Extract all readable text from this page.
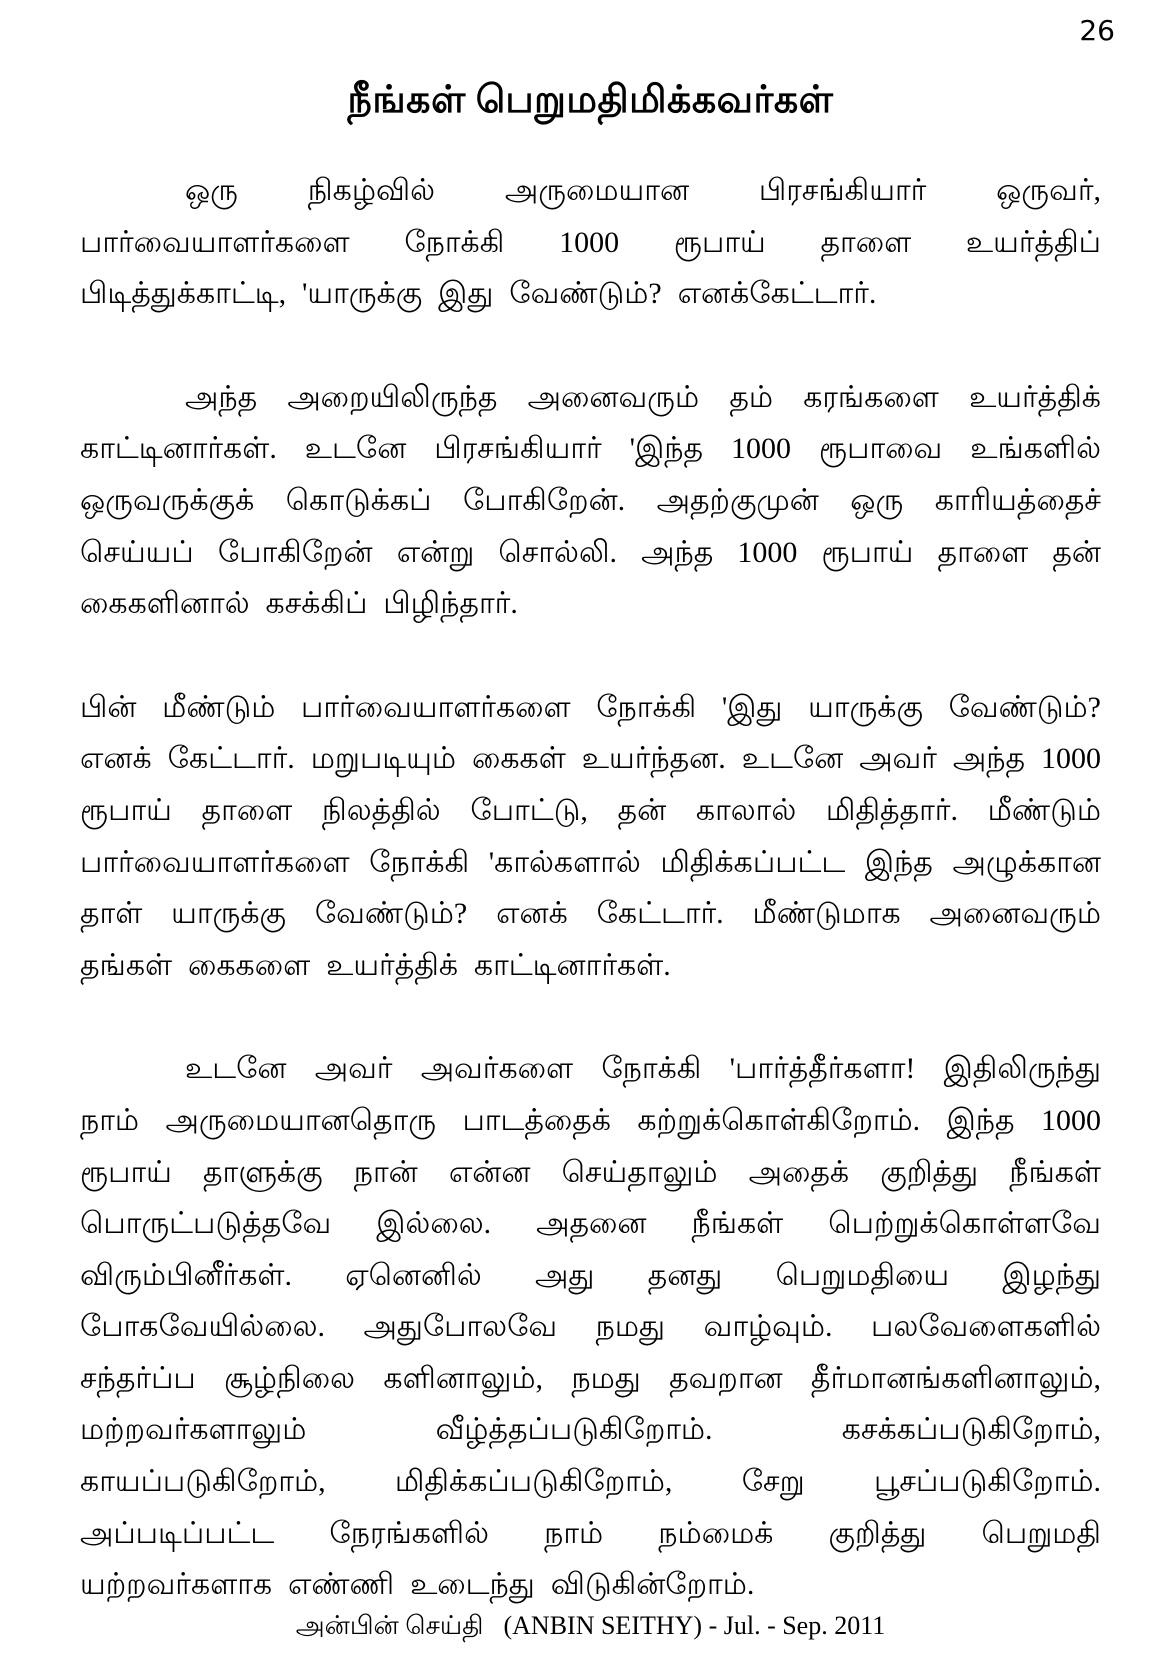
26
நீங்கள் பெறுமதிமிக்கவர்கள்

ஒரு நிகழ்வில் அருமையான பிரசங்கியார் ஒருவர், பார்வையாளர்களை நோக்கி 1000 ரூபாய் தாளை உயர்த்திப் பிடித்துக்காட்டி, 'யாருக்கு இது வேண்டும்? எனக்கேட்டார்.

அந்த அறையிலிருந்த அனைவரும் தம் கரங்களை உயர்த்திக் காட்டினார்கள். உடனே பிரசங்கியார் 'இந்த 1000 ரூபாவை உங்களில் ஒருவருக்குக் கொடுக்கப் போகிறேன். அதற்குமுன் ஒரு காரியத்தைச் செய்யப் போகிறேன் என்று சொல்லி. அந்த 1000 ரூபாய் தாளை தன் கைகளினால் கசக்கிப் பிழிந்தார்.

பின் மீண்டும் பார்வையாளர்களை நோக்கி 'இது யாருக்கு வேண்டும்? எனக் கேட்டார். மறுபடியும் கைகள் உயர்ந்தன. உடனே அவர் அந்த 1000 ரூபாய் தாளை நிலத்தில் போட்டு, தன் காலால் மிதித்தார். மீண்டும் பார்வையாளர்களை நோக்கி 'கால்களால் மிதிக்கப்பட்ட இந்த அழுக்கான தாள் யாருக்கு வேண்டும்? எனக் கேட்டார். மீண்டுமாக அனைவரும் தங்கள் கைகளை உயர்த்திக் காட்டினார்கள்.

உடனே அவர் அவர்களை நோக்கி 'பார்த்தீர்களா! இதிலிருந்து நாம் அருமையானதொரு பாடத்தைக் கற்றுக்கொள்கிறோம். இந்த 1000 ரூபாய் தாளுக்கு நான் என்ன செய்தாலும் அதைக் குறித்து நீங்கள் பொருட்படுத்தவே இல்லை. அதனை நீங்கள் பெற்றுக்கொள்ளவே விரும்பினீர்கள். ஏனெனில் அது தனது பெறுமதியை இழந்து போகவேயில்லை. அதுபோலவே நமது வாழ்வும். பலவேளைகளில் சந்தர்ப்ப சூழ்நிலை களினாலும், நமது தவறான தீர்மானங்களினாலும், மற்றவர்களாலும் வீழ்த்தப்படுகிறோம். கசக்கப்படுகிறோம், காயப்படுகிறோம், மிதிக்கப்படுகிறோம், சேறு பூசப்படுகிறோம். அப்படிப்பட்ட நேரங்களில் நாம் நம்மைக் குறித்து பெறுமதி யற்றவர்களாக எண்ணி உடைந்து விடுகின்றோம்.

அன்பின் செய்தி (ANBIN SEITHY) - Jul. - Sep. 2011
